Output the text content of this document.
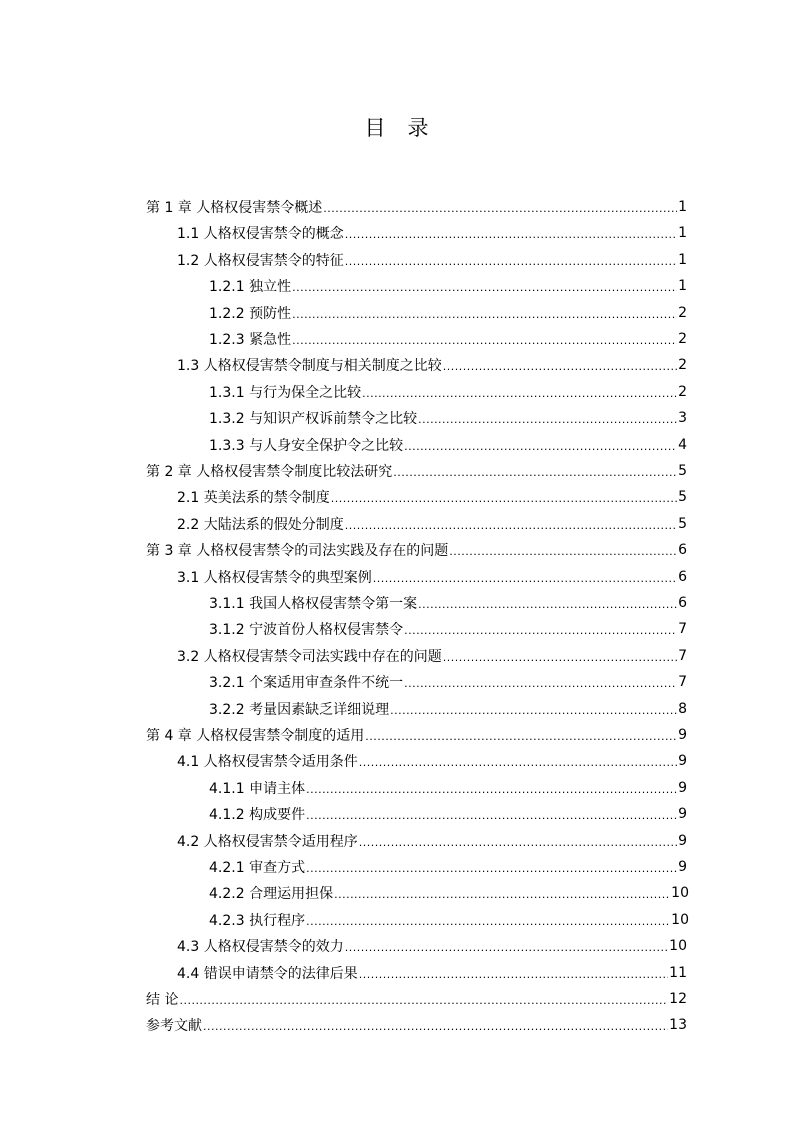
目 录
第 1 章 人格权侵害禁令概述 .....	1
1.1 人格权侵害禁令的概念 .....	1
1.2 人格权侵害禁令的特征 .....	1
1.2.1 独立性 .....	1
1.2.2 预防性 .....	2
1.2.3 紧急性 .....	2
1.3 人格权侵害禁令制度与相关制度之比较 .....	2
1.3.1 与行为保全之比较 .....	2
1.3.2 与知识产权诉前禁令之比较 .....	3
1.3.3 与人身安全保护令之比较 .....	4
第 2 章 人格权侵害禁令制度比较法研究 .....	5
2.1 英美法系的禁令制度 .....	5
2.2 大陆法系的假处分制度 .....	5
第 3 章 人格权侵害禁令的司法实践及存在的问题 .....	6
3.1 人格权侵害禁令的典型案例 .....	6
3.1.1 我国人格权侵害禁令第一案 .....	6
3.1.2 宁波首份人格权侵害禁令 .....	7
3.2 人格权侵害禁令司法实践中存在的问题 .....	7
3.2.1 个案适用审查条件不统一 .....	7
3.2.2 考量因素缺乏详细说理 .....	8
第 4 章 人格权侵害禁令制度的适用 .....	9
4.1 人格权侵害禁令适用条件 .....	9
4.1.1 申请主体 .....	9
4.1.2 构成要件 .....	9
4.2 人格权侵害禁令适用程序 .....	9
4.2.1 审查方式 .....	9
4.2.2 合理运用担保 .....	10
4.2.3 执行程序 .....	10
4.3 人格权侵害禁令的效力 .....	10
4.4 错误申请禁令的法律后果 .....	11
结 论 .....	12
参考文献 .....	13
